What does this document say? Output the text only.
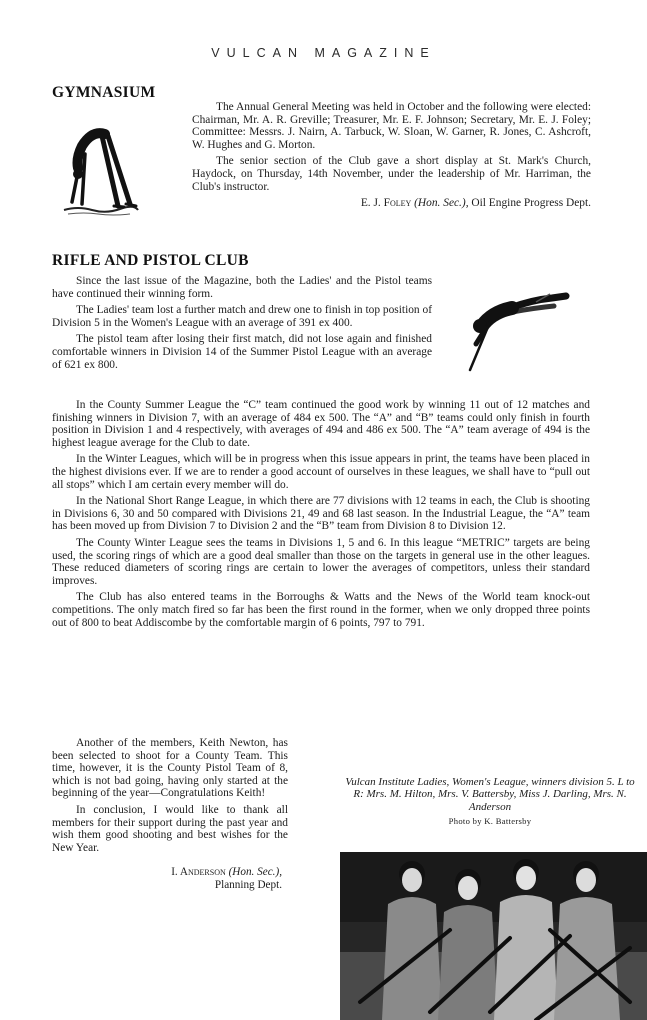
VULCAN MAGAZINE
GYMNASIUM

The Annual General Meeting was held in October and the following were elected: Chairman, Mr. A. R. Greville; Treasurer, Mr. E. F. Johnson; Secretary, Mr. E. J. Foley; Committee: Messrs. J. Nairn, A. Tarbuck, W. Sloan, W. Garner, R. Jones, C. Ashcroft, W. Hughes and G. Morton.

The senior section of the Club gave a short display at St. Mark's Church, Haydock, on Thursday, 14th November, under the leadership of Mr. Harriman, the Club's instructor.

E. J. Foley (Hon. Sec.), Oil Engine Progress Dept.

RIFLE AND PISTOL CLUB

Since the last issue of the Magazine, both the Ladies' and the Pistol teams have continued their winning form.

The Ladies' team lost a further match and drew one to finish in top position of Division 5 in the Women's League with an average of 391 ex 400.

The pistol team after losing their first match, did not lose again and finished comfortable winners in Division 14 of the Summer Pistol League with an average of 621 ex 800.

In the County Summer League the “C” team continued the good work by winning 11 out of 12 matches and finishing winners in Division 7, with an average of 484 ex 500. The “A” and “B” teams could only finish in fourth position in Division 1 and 4 respectively, with averages of 494 and 486 ex 500. The “A” team average of 494 is the highest league average for the Club to date.

In the Winter Leagues, which will be in progress when this issue appears in print, the teams have been placed in the highest divisions ever. If we are to render a good account of ourselves in these leagues, we shall have to “pull out all stops” which I am certain every member will do.

In the National Short Range League, in which there are 77 divisions with 12 teams in each, the Club is shooting in Divisions 6, 30 and 50 compared with Divisions 21, 49 and 68 last season. In the Industrial League, the “A” team has been moved up from Division 7 to Division 2 and the “B” team from Division 8 to Division 12.

The County Winter League sees the teams in Divisions 1, 5 and 6. In this league “METRIC” targets are being used, the scoring rings of which are a good deal smaller than those on the targets in general use in the other leagues. These reduced diameters of scoring rings are certain to lower the averages of competitors, unless their standard improves.

The Club has also entered teams in the Borroughs & Watts and the News of the World team knock-out competitions. The only match fired so far has been the first round in the former, when we only dropped three points out of 800 to beat Addiscombe by the comfortable margin of 6 points, 797 to 791.

Another of the members, Keith Newton, has been selected to shoot for a County Team. This time, however, it is the County Pistol Team of 8, which is not bad going, having only started at the beginning of the year—Congratulations Keith!

In conclusion, I would like to thank all members for their support during the past year and wish them good shooting and best wishes for the New Year.

I. Anderson (Hon. Sec.),
Planning Dept.

Vulcan Institute Ladies, Women's League, winners division 5. L to R: Mrs. M. Hilton, Mrs. V. Battersby, Miss J. Darling, Mrs. N. Anderson

Photo by K. Battersby
